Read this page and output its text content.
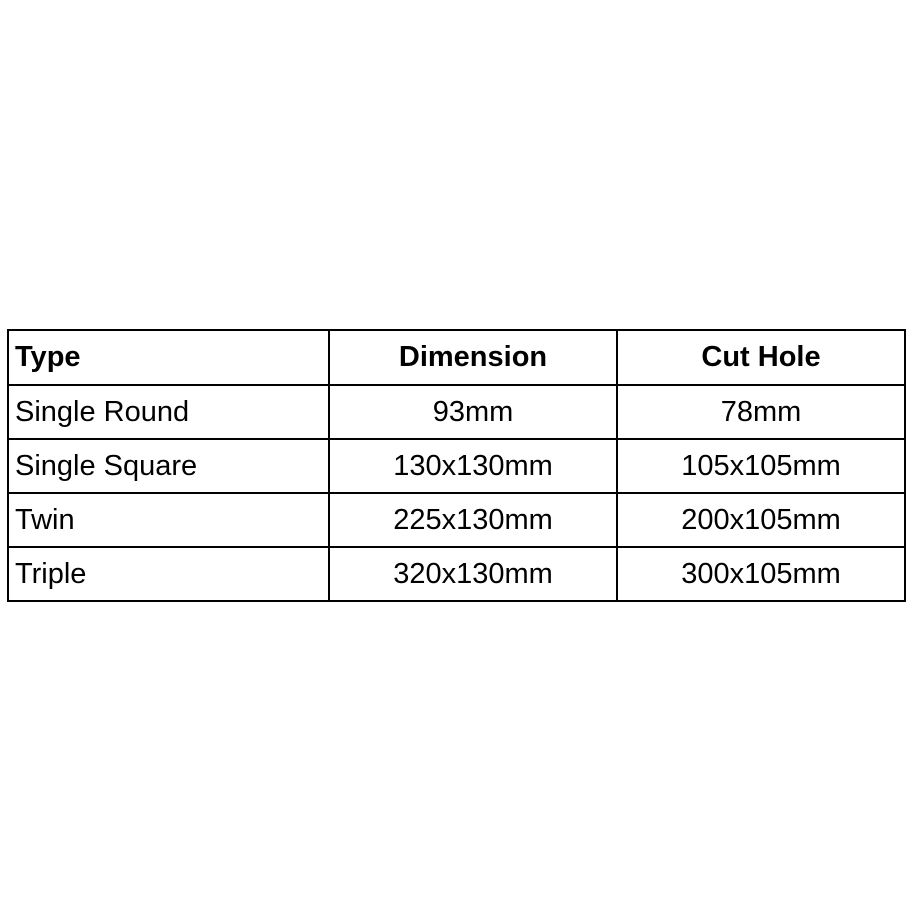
Type	Dimension	Cut Hole
Single Round	93mm	78mm
Single Square	130x130mm	105x105mm
Twin	225x130mm	200x105mm
Triple	320x130mm	300x105mm
